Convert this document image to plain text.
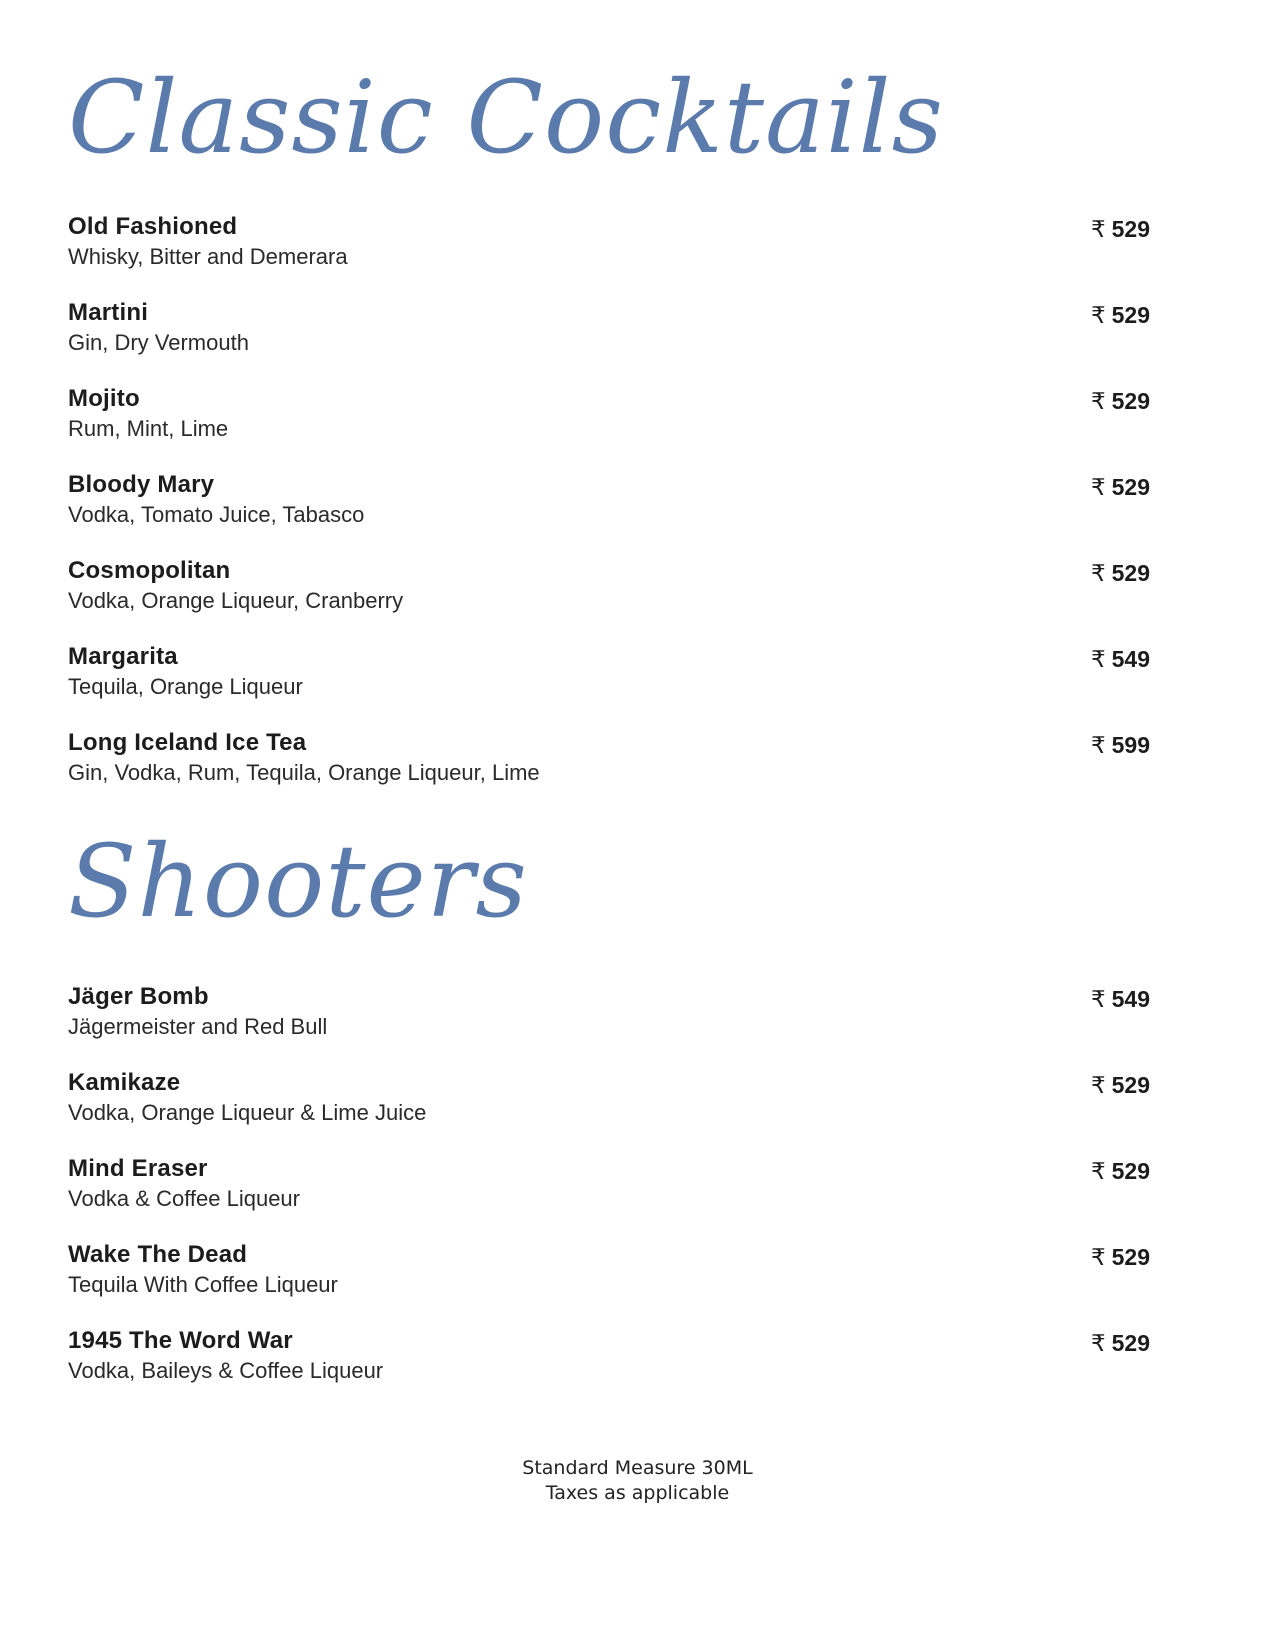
Classic Cocktails
Old Fashioned
Whisky, Bitter and Demerara
₹ 529
Martini
Gin, Dry Vermouth
₹ 529
Mojito
Rum, Mint, Lime
₹ 529
Bloody Mary
Vodka, Tomato Juice, Tabasco
₹ 529
Cosmopolitan
Vodka, Orange Liqueur, Cranberry
₹ 529
Margarita
Tequila, Orange Liqueur
₹ 549
Long Iceland Ice Tea
Gin, Vodka, Rum, Tequila, Orange Liqueur, Lime
₹ 599
Shooters
Jäger Bomb
Jägermeister and Red Bull
₹ 549
Kamikaze
Vodka, Orange Liqueur & Lime Juice
₹ 529
Mind Eraser
Vodka & Coffee Liqueur
₹ 529
Wake The Dead
Tequila With Coffee Liqueur
₹ 529
1945 The Word War
Vodka, Baileys & Coffee Liqueur
₹ 529
Standard Measure 30ML
Taxes as applicable
